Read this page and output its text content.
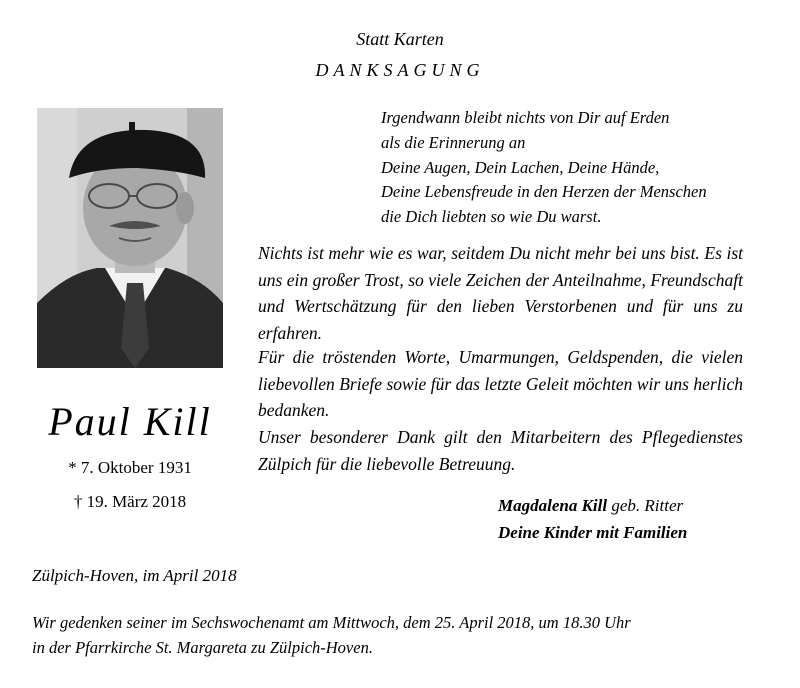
Statt Karten
DANKSAGUNG
Irgendwann bleibt nichts von Dir auf Erden
als die Erinnerung an
Deine Augen, Dein Lachen, Deine Hände,
Deine Lebensfreude in den Herzen der Menschen
die Dich liebten so wie Du warst.
Paul Kill
* 7. Oktober 1931
† 19. März 2018
Nichts ist mehr wie es war, seitdem Du nicht mehr bei uns bist. Es ist uns ein großer Trost, so viele Zeichen der Anteilnahme, Freundschaft und Wertschätzung für den lieben Verstorbenen und für uns zu erfahren.
Für die tröstenden Worte, Umarmungen, Geldspenden, die vielen liebevollen Briefe sowie für das letzte Geleit möchten wir uns herlich bedanken.
Unser besonderer Dank gilt den Mitarbeitern des Pflegedienstes Zülpich für die liebevolle Betreuung.
Magdalena Kill geb. Ritter
Deine Kinder mit Familien
Zülpich-Hoven, im April 2018
Wir gedenken seiner im Sechswochenamt am Mittwoch, dem 25. April 2018, um 18.30 Uhr
in der Pfarrkirche St. Margareta zu Zülpich-Hoven.
